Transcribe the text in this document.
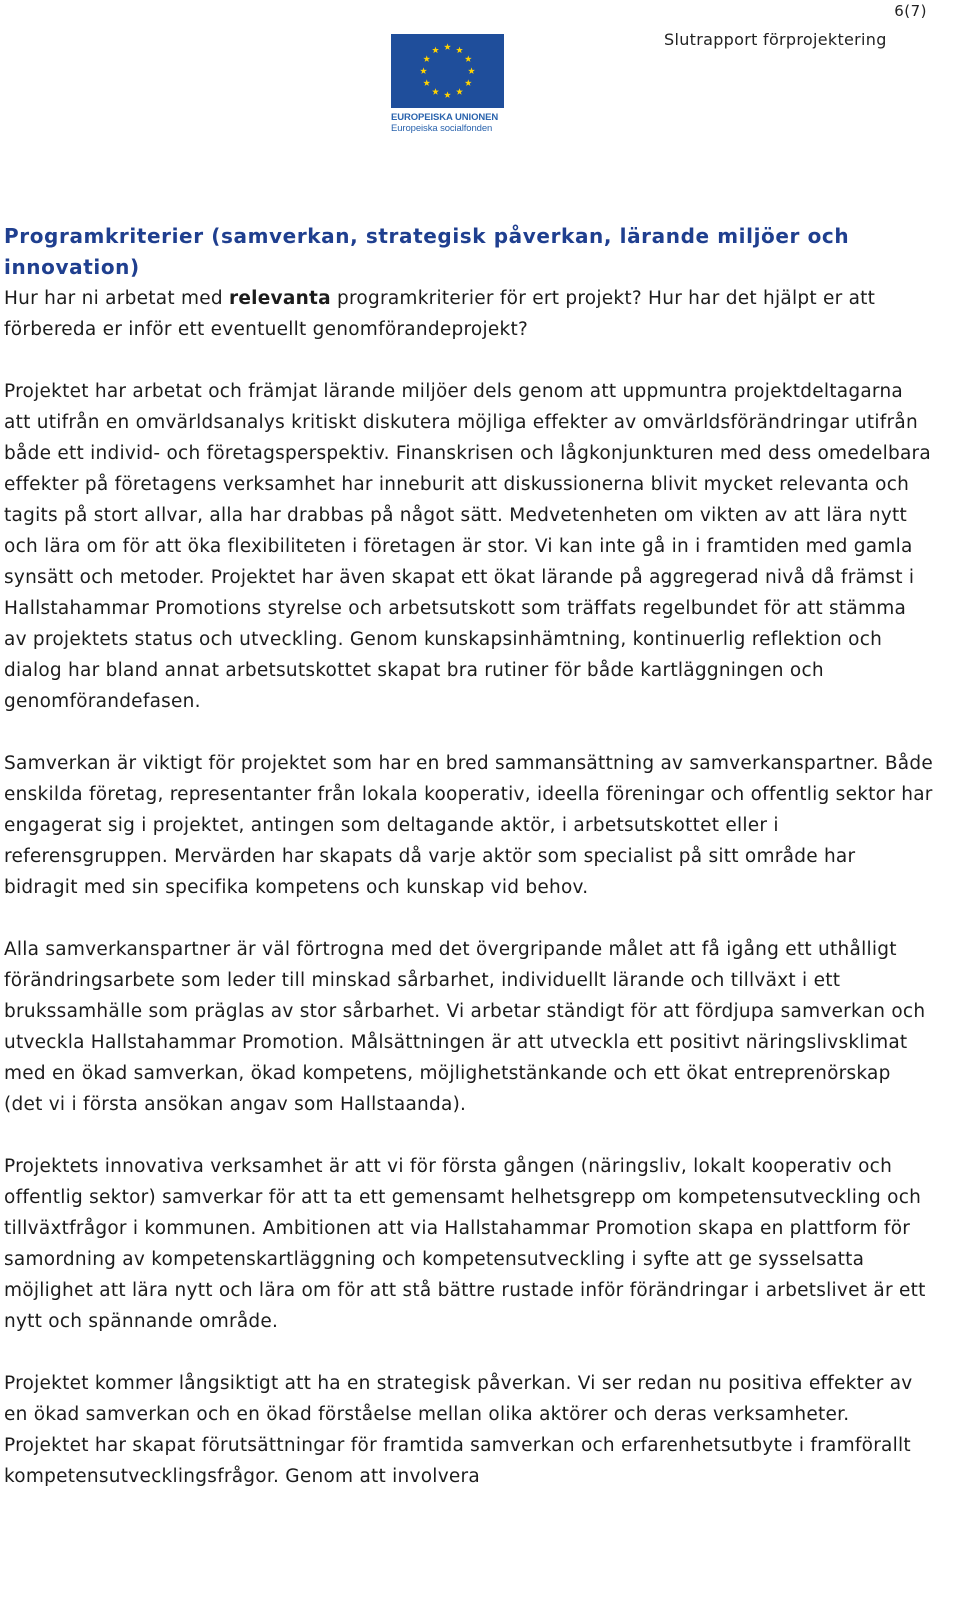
6(7)
Slutrapport förprojektering
EUROPEISKA UNIONEN
Europeiska socialfonden
Programkriterier (samverkan, strategisk påverkan, lärande miljöer och innovation)

Hur har ni arbetat med relevanta programkriterier för ert projekt? Hur har det hjälpt er att förbereda er inför ett eventuellt genomförandeprojekt?

Projektet har arbetat och främjat lärande miljöer dels genom att uppmuntra projektdeltagarna att utifrån en omvärldsanalys kritiskt diskutera möjliga effekter av omvärldsförändringar utifrån både ett individ- och företagsperspektiv. Finanskrisen och lågkonjunkturen med dess omedelbara effekter på företagens verksamhet har inneburit att diskussionerna blivit mycket relevanta och tagits på stort allvar, alla har drabbas på något sätt. Medvetenheten om vikten av att lära nytt och lära om för att öka flexibiliteten i företagen är stor. Vi kan inte gå in i framtiden med gamla synsätt och metoder. Projektet har även skapat ett ökat lärande på aggregerad nivå då främst i Hallstahammar Promotions styrelse och arbetsutskott som träffats regelbundet för att stämma av projektets status och utveckling. Genom kunskapsinhämtning, kontinuerlig reflektion och dialog har bland annat arbetsutskottet skapat bra rutiner för både kartläggningen och genomförandefasen.

Samverkan är viktigt för projektet som har en bred sammansättning av samverkanspartner. Både enskilda företag, representanter från lokala kooperativ, ideella föreningar och offentlig sektor har engagerat sig i projektet, antingen som deltagande aktör, i arbetsutskottet eller i referensgruppen. Mervärden har skapats då varje aktör som specialist på sitt område har bidragit med sin specifika kompetens och kunskap vid behov.

Alla samverkanspartner är väl förtrogna med det övergripande målet att få igång ett uthålligt förändringsarbete som leder till minskad sårbarhet, individuellt lärande och tillväxt i ett brukssamhälle som präglas av stor sårbarhet. Vi arbetar ständigt för att fördjupa samverkan och utveckla Hallstahammar Promotion. Målsättningen är att utveckla ett positivt näringslivsklimat med en ökad samverkan, ökad kompetens, möjlighetstänkande och ett ökat entreprenörskap (det vi i första ansökan angav som Hallstaanda).

Projektets innovativa verksamhet är att vi för första gången (näringsliv, lokalt kooperativ och offentlig sektor) samverkar för att ta ett gemensamt helhetsgrepp om kompetensutveckling och tillväxtfrågor i kommunen. Ambitionen att via Hallstahammar Promotion skapa en plattform för samordning av kompetenskartläggning och kompetensutveckling i syfte att ge sysselsatta möjlighet att lära nytt och lära om för att stå bättre rustade inför förändringar i arbetslivet är ett nytt och spännande område.

Projektet kommer långsiktigt att ha en strategisk påverkan. Vi ser redan nu positiva effekter av en ökad samverkan och en ökad förståelse mellan olika aktörer och deras verksamheter. Projektet har skapat förutsättningar för framtida samverkan och erfarenhetsutbyte i framförallt kompetensutvecklingsfrågor. Genom att involvera
